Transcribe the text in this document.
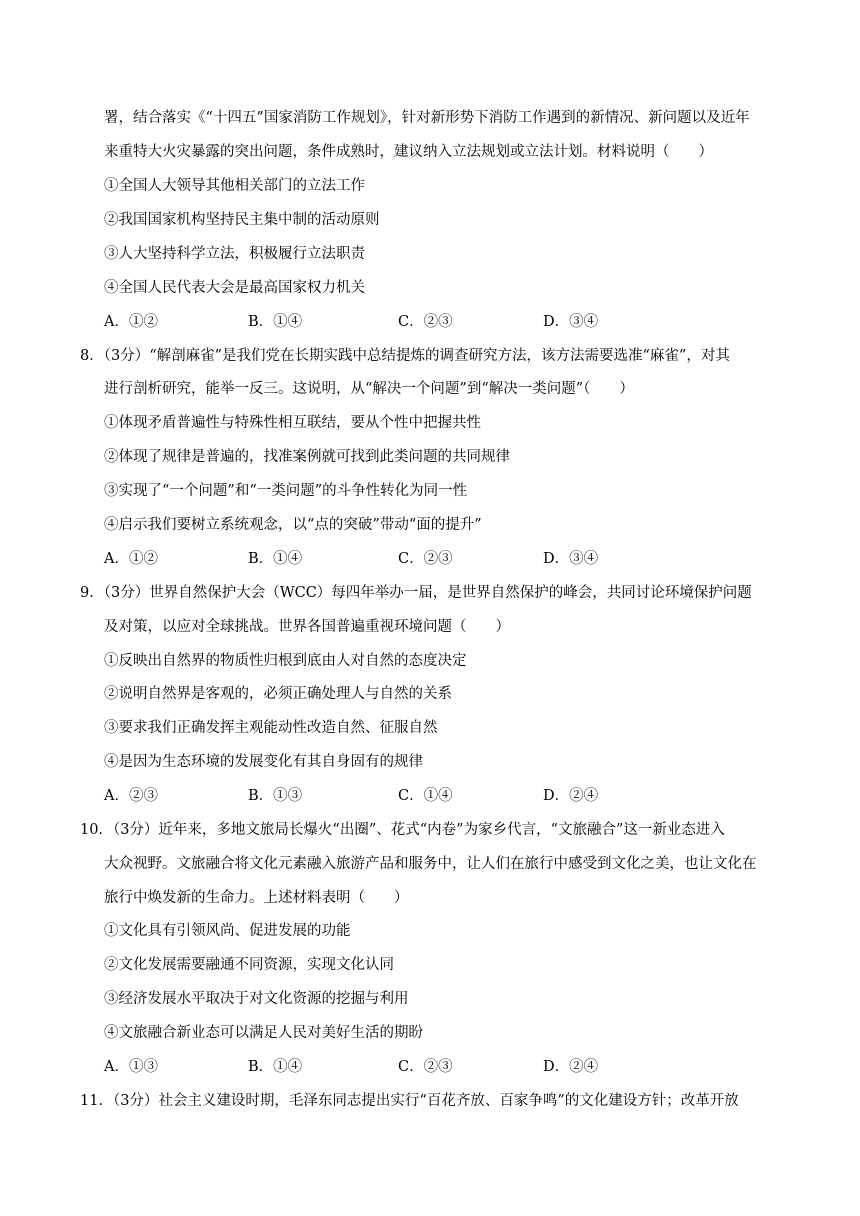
署，结合落实《“十四五”国家消防工作规划》，针对新形势下消防工作遇到的新情况、新问题以及近年
来重特大火灾暴露的突出问题，条件成熟时，建议纳入立法规划或立法计划。材料说明（　　）
①全国人大领导其他相关部门的立法工作
②我国国家机构坚持民主集中制的活动原则
③人大坚持科学立法，积极履行立法职责
④全国人民代表大会是最高国家权力机关
A．①②	B．①④	C．②③	D．③④
8．（3分）“解剖麻雀”是我们党在长期实践中总结提炼的调查研究方法，该方法需要选准“麻雀”，对其
进行剖析研究，能举一反三。这说明，从“解决一个问题”到“解决一类问题”（　　）
①体现矛盾普遍性与特殊性相互联结，要从个性中把握共性
②体现了规律是普遍的，找准案例就可找到此类问题的共同规律
③实现了“一个问题”和“一类问题”的斗争性转化为同一性
④启示我们要树立系统观念，以“点的突破”带动“面的提升”
A．①②	B．①④	C．②③	D．③④
9．（3分）世界自然保护大会（WCC）每四年举办一届，是世界自然保护的峰会，共同讨论环境保护问题
及对策，以应对全球挑战。世界各国普遍重视环境问题（　　）
①反映出自然界的物质性归根到底由人对自然的态度决定
②说明自然界是客观的，必须正确处理人与自然的关系
③要求我们正确发挥主观能动性改造自然、征服自然
④是因为生态环境的发展变化有其自身固有的规律
A．②③	B．①③	C．①④	D．②④
10．（3分）近年来，多地文旅局长爆火“出圈”、花式“内卷”为家乡代言，“文旅融合”这一新业态进入
大众视野。文旅融合将文化元素融入旅游产品和服务中，让人们在旅行中感受到文化之美，也让文化在
旅行中焕发新的生命力。上述材料表明（　　）
①文化具有引领风尚、促进发展的功能
②文化发展需要融通不同资源，实现文化认同
③经济发展水平取决于对文化资源的挖掘与利用
④文旅融合新业态可以满足人民对美好生活的期盼
A．①③	B．①④	C．②③	D．②④
11．（3分）社会主义建设时期，毛泽东同志提出实行“百花齐放、百家争鸣”的文化建设方针；改革开放
